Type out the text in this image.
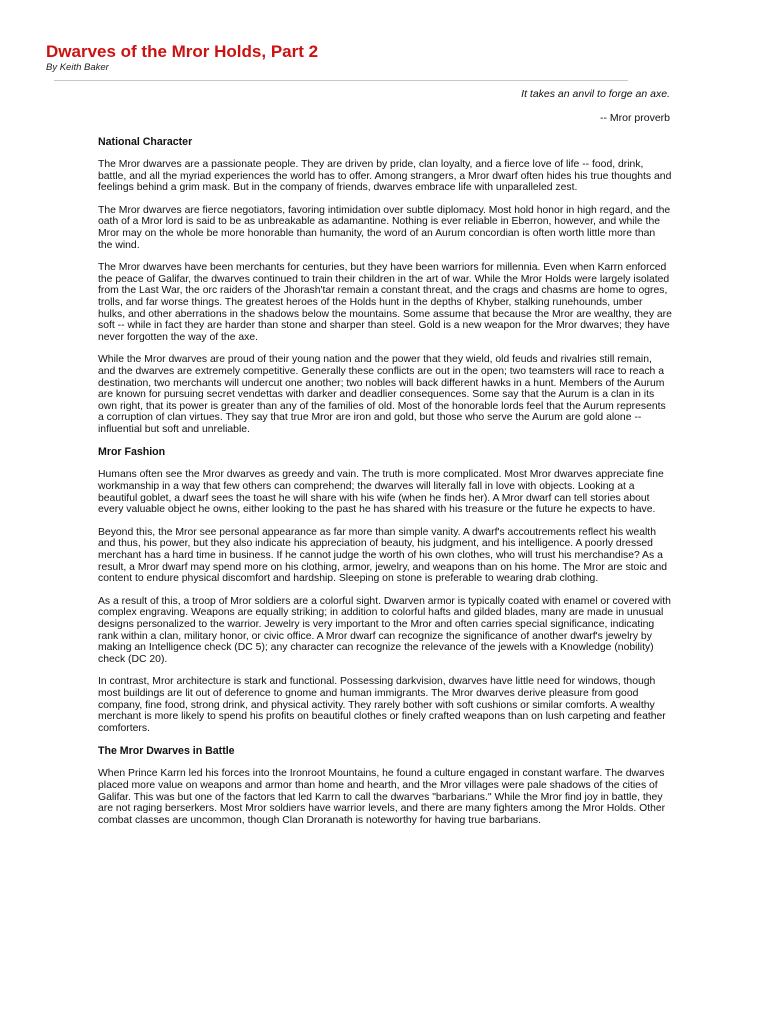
Dwarves of the Mror Holds, Part 2
By Keith Baker

It takes an anvil to forge an axe.

-- Mror proverb

National Character

The Mror dwarves are a passionate people. They are driven by pride, clan loyalty, and a fierce love of life -- food, drink, battle, and all the myriad experiences the world has to offer. Among strangers, a Mror dwarf often hides his true thoughts and feelings behind a grim mask. But in the company of friends, dwarves embrace life with unparalleled zest.

The Mror dwarves are fierce negotiators, favoring intimidation over subtle diplomacy. Most hold honor in high regard, and the oath of a Mror lord is said to be as unbreakable as adamantine. Nothing is ever reliable in Eberron, however, and while the Mror may on the whole be more honorable than humanity, the word of an Aurum concordian is often worth little more than the wind.

The Mror dwarves have been merchants for centuries, but they have been warriors for millennia. Even when Karrn enforced the peace of Galifar, the dwarves continued to train their children in the art of war. While the Mror Holds were largely isolated from the Last War, the orc raiders of the Jhorash'tar remain a constant threat, and the crags and chasms are home to ogres, trolls, and far worse things. The greatest heroes of the Holds hunt in the depths of Khyber, stalking runehounds, umber hulks, and other aberrations in the shadows below the mountains. Some assume that because the Mror are wealthy, they are soft -- while in fact they are harder than stone and sharper than steel. Gold is a new weapon for the Mror dwarves; they have never forgotten the way of the axe.

While the Mror dwarves are proud of their young nation and the power that they wield, old feuds and rivalries still remain, and the dwarves are extremely competitive. Generally these conflicts are out in the open; two teamsters will race to reach a destination, two merchants will undercut one another; two nobles will back different hawks in a hunt. Members of the Aurum are known for pursuing secret vendettas with darker and deadlier consequences. Some say that the Aurum is a clan in its own right, that its power is greater than any of the families of old. Most of the honorable lords feel that the Aurum represents a corruption of clan virtues. They say that true Mror are iron and gold, but those who serve the Aurum are gold alone -- influential but soft and unreliable.

Mror Fashion

Humans often see the Mror dwarves as greedy and vain. The truth is more complicated. Most Mror dwarves appreciate fine workmanship in a way that few others can comprehend; the dwarves will literally fall in love with objects. Looking at a beautiful goblet, a dwarf sees the toast he will share with his wife (when he finds her). A Mror dwarf can tell stories about every valuable object he owns, either looking to the past he has shared with his treasure or the future he expects to have.

Beyond this, the Mror see personal appearance as far more than simple vanity. A dwarf's accoutrements reflect his wealth and thus, his power, but they also indicate his appreciation of beauty, his judgment, and his intelligence. A poorly dressed merchant has a hard time in business. If he cannot judge the worth of his own clothes, who will trust his merchandise? As a result, a Mror dwarf may spend more on his clothing, armor, jewelry, and weapons than on his home. The Mror are stoic and content to endure physical discomfort and hardship. Sleeping on stone is preferable to wearing drab clothing.

As a result of this, a troop of Mror soldiers are a colorful sight. Dwarven armor is typically coated with enamel or covered with complex engraving. Weapons are equally striking; in addition to colorful hafts and gilded blades, many are made in unusual designs personalized to the warrior. Jewelry is very important to the Mror and often carries special significance, indicating rank within a clan, military honor, or civic office. A Mror dwarf can recognize the significance of another dwarf's jewelry by making an Intelligence check (DC 5); any character can recognize the relevance of the jewels with a Knowledge (nobility) check (DC 20).

In contrast, Mror architecture is stark and functional. Possessing darkvision, dwarves have little need for windows, though most buildings are lit out of deference to gnome and human immigrants. The Mror dwarves derive pleasure from good company, fine food, strong drink, and physical activity. They rarely bother with soft cushions or similar comforts. A wealthy merchant is more likely to spend his profits on beautiful clothes or finely crafted weapons than on lush carpeting and feather comforters.

The Mror Dwarves in Battle

When Prince Karrn led his forces into the Ironroot Mountains, he found a culture engaged in constant warfare. The dwarves placed more value on weapons and armor than home and hearth, and the Mror villages were pale shadows of the cities of Galifar. This was but one of the factors that led Karrn to call the dwarves "barbarians." While the Mror find joy in battle, they are not raging berserkers. Most Mror soldiers have warrior levels, and there are many fighters among the Mror Holds. Other combat classes are uncommon, though Clan Droranath is noteworthy for having true barbarians.
